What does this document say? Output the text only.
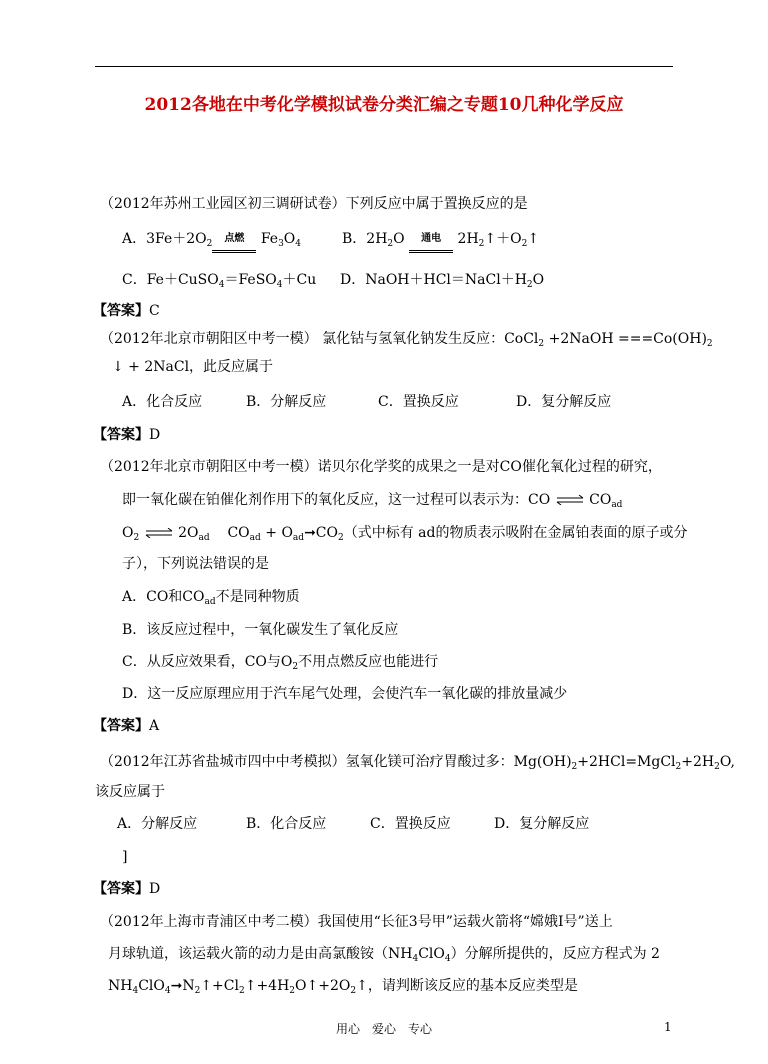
2012各地在中考化学模拟试卷分类汇编之专题10几种化学反应
（2012年苏州工业园区初三调研试卷）下列反应中属于置换反应的是
A．$3Fe+2O_2$ 点燃 $Fe_3O_4$	B．$2H_2O$ 通电 $2H_2↑+O_2↑$
C．Fe＋CuSO$_4$＝FeSO$_4$＋Cu D．$NaOH+HCl=NaCl+H_2O$
【答案】C
（2012年北京市朝阳区中考一模） 氯化钴与氢氧化钠发生反应：CoCl$_2$ +2NaOH $===Co(OH)_2$
↓ + 2NaCl，此反应属于
A．化合反应	B．分解反应	C．置换反应	D．复分解反应
【答案】D
（2012年北京市朝阳区中考一模）诺贝尔化学奖的成果之一是对CO催化氧化过程的研究，
即一氧化碳在铂催化剂作用下的氧化反应，这一过程可以表示为：CO ⇌ $CO_{ad}$
$O_2$ ⇌ $2O_{ad}$ $CO_{ad}$ + $O_{ad}➞CO_2$（式中标有 ad的物质表示吸附在金属铂表面的原子或分
子），下列说法错误的是
A．CO和$CO_{ad}$不是同种物质
B．该反应过程中，一氧化碳发生了氧化反应
C．从反应效果看，CO与$O_2$不用点燃反应也能进行
D．这一反应原理应用于汽车尾气处理，会使汽车一氧化碳的排放量减少
【答案】A
（2012年江苏省盐城市四中中考模拟）氢氧化镁可治疗胃酸过多：$Mg(OH)_2+2HCl=MgCl_2+2H_2O$,
该反应属于
A．分解反应	B．化合反应	C．置换反应	D．复分解反应
]
【答案】D
（2012年上海市青浦区中考二模）我国使用“长征3号甲”运载火箭将“嫦娥Ⅰ号”送上
月球轨道，该运载火箭的动力是由高氯酸铵$(NH_4ClO_4)$分解所提供的，反应方程式为 2
$NH_4ClO_4➞N_2↑+Cl_2↑+4H_2O↑+2O_2↑$，请判断该反应的基本反应类型是
用心　爱心　专心	1
